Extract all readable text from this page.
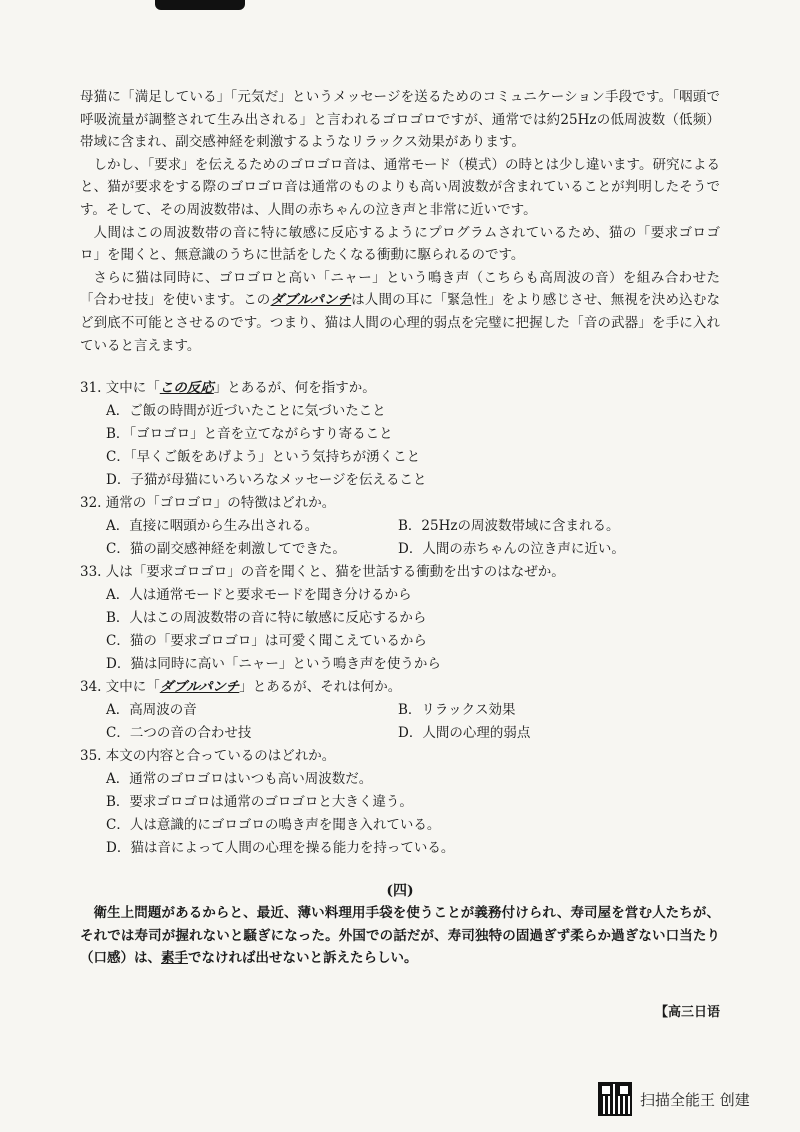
母猫に「満足している」「元気だ」というメッセージを送るためのコミュニケーション手段です。「咽頭で呼吸流量が調整されて生み出される」と言われるゴロゴロですが、通常では約25Hzの低周波数（低频）帯域に含まれ、副交感神経を刺激するようなリラックス効果があります。

しかし、「要求」を伝えるためのゴロゴロ音は、通常モード（模式）の時とは少し違います。研究によると、猫が要求をする際のゴロゴロ音は通常のものよりも高い周波数が含まれていることが判明したそうです。そして、その周波数帯は、人間の赤ちゃんの泣き声と非常に近いです。

人間はこの周波数帯の音に特に敏感に反応するようにプログラムされているため、猫の「要求ゴロゴロ」を聞くと、無意識のうちに世話をしたくなる衝動に駆られるのです。

さらに猫は同時に、ゴロゴロと高い「ニャー」という鳴き声（こちらも高周波の音）を組み合わせた「合わせ技」を使います。このダブルパンチは人間の耳に「緊急性」をより感じさせ、無視を決め込むなど到底不可能とさせるのです。つまり、猫は人間の心理的弱点を完璧に把握した「音の武器」を手に入れていると言えます。

31. 文中に「この反応」とあるが、何を指すか。
A．ご飯の時間が近づいたことに気づいたこと
B．「ゴロゴロ」と音を立てながらすり寄ること
C．「早くご飯をあげよう」という気持ちが湧くこと
D．子猫が母猫にいろいろなメッセージを伝えること
32. 通常の「ゴロゴロ」の特徴はどれか。
A．直接に咽頭から生み出される。	B．25Hzの周波数帯域に含まれる。
C．猫の副交感神経を刺激してできた。	D．人間の赤ちゃんの泣き声に近い。
33. 人は「要求ゴロゴロ」の音を聞くと、猫を世話する衝動を出すのはなぜか。
A．人は通常モードと要求モードを聞き分けるから
B．人はこの周波数帯の音に特に敏感に反応するから
C．猫の「要求ゴロゴロ」は可愛く聞こえているから
D．猫は同時に高い「ニャー」という鳴き声を使うから
34. 文中に「ダブルパンチ」とあるが、それは何か。
A．高周波の音	B．リラックス効果
C．二つの音の合わせ技	D．人間の心理的弱点
35. 本文の内容と合っているのはどれか。
A．通常のゴロゴロはいつも高い周波数だ。
B．要求ゴロゴロは通常のゴロゴロと大きく違う。
C．人は意識的にゴロゴロの鳴き声を聞き入れている。
D．猫は音によって人間の心理を操る能力を持っている。
(四)

衛生上問題があるからと、最近、薄い料理用手袋を使うことが義務付けられ、寿司屋を営む人たちが、それでは寿司が握れないと騒ぎになった。外国での話だが、寿司独特の固過ぎず柔らか過ぎない口当たり（口感）は、素手でなければ出せないと訴えたらしい。

【高三日语
扫描全能王 创建
